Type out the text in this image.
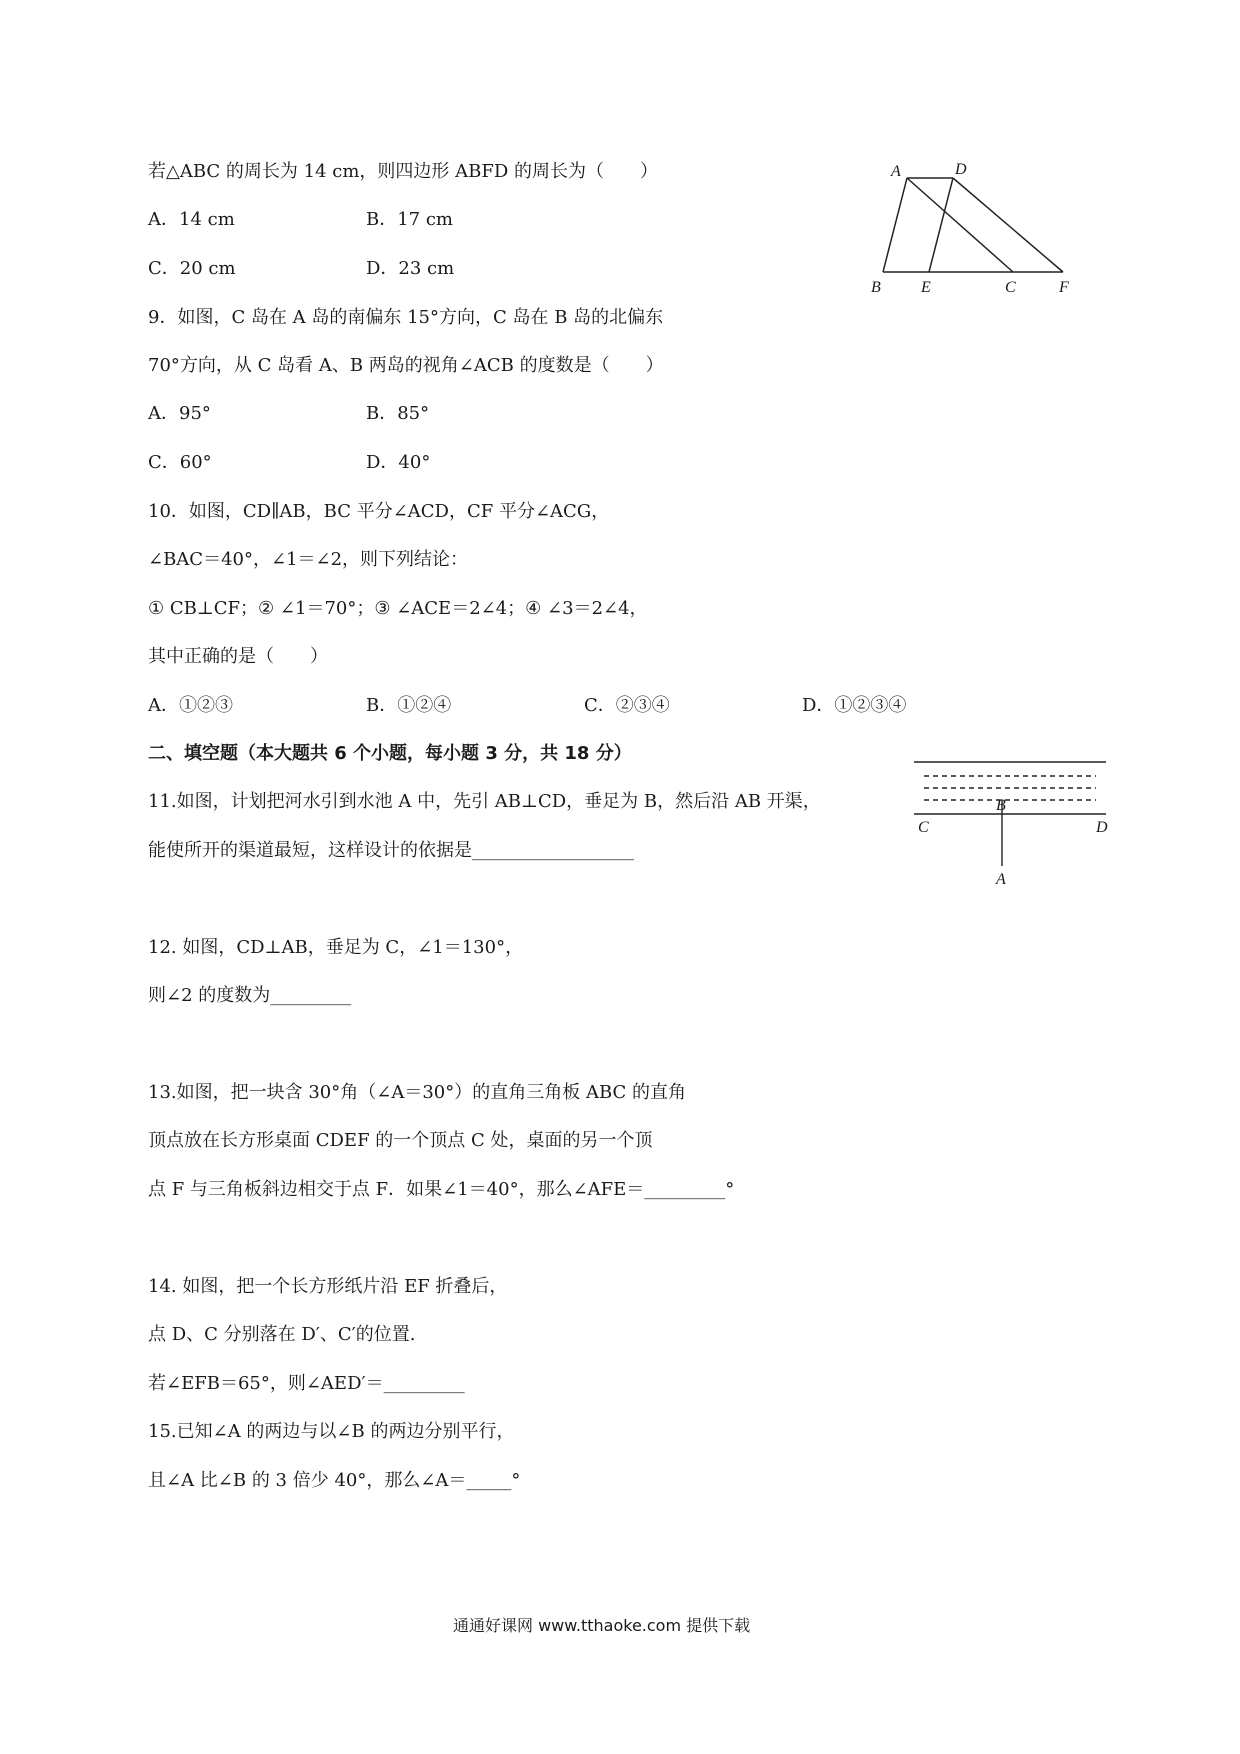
若△ABC 的周长为 14 cm，则四边形 ABFD 的周长为（　　）
A．14 cm	B．17 cm
C．20 cm	D．23 cm
A	D
B	E	C	F
9．如图，C 岛在 A 岛的南偏东 15°方向，C 岛在 B 岛的北偏东
70°方向，从 C 岛看 A、B 两岛的视角∠ACB 的度数是（　　）
A．95°	B．85°
C．60°	D．40°
10．如图，CD∥AB，BC 平分∠ACD，CF 平分∠ACG，
∠BAC＝40°，∠1＝∠2，则下列结论：
① CB⊥CF；② ∠1＝70°；③ ∠ACE＝2∠4；④ ∠3＝2∠4，
其中正确的是（　　）
A．①②③	B．①②④	C．②③④	D．①②③④
二、填空题（本大题共 6 个小题，每小题 3 分，共 18 分）
11.如图，计划把河水引到水池 A 中，先引 AB⊥CD，垂足为 B，然后沿 AB 开渠，
能使所开的渠道最短，这样设计的依据是__________________
B
C	D
A
12. 如图，CD⊥AB，垂足为 C，∠1＝130°，
则∠2 的度数为_________
13.如图，把一块含 30°角（∠A＝30°）的直角三角板 ABC 的直角
顶点放在长方形桌面 CDEF 的一个顶点 C 处，桌面的另一个顶
点 F 与三角板斜边相交于点 F．如果∠1＝40°，那么∠AFE＝_________°
14. 如图，把一个长方形纸片沿 EF 折叠后，
点 D、C 分别落在 D′、C′的位置.
若∠EFB＝65°，则∠AED′＝_________
15.已知∠A 的两边与以∠B 的两边分别平行，
且∠A 比∠B 的 3 倍少 40°，那么∠A＝_____°
通通好课网 www.tthaoke.com 提供下载
